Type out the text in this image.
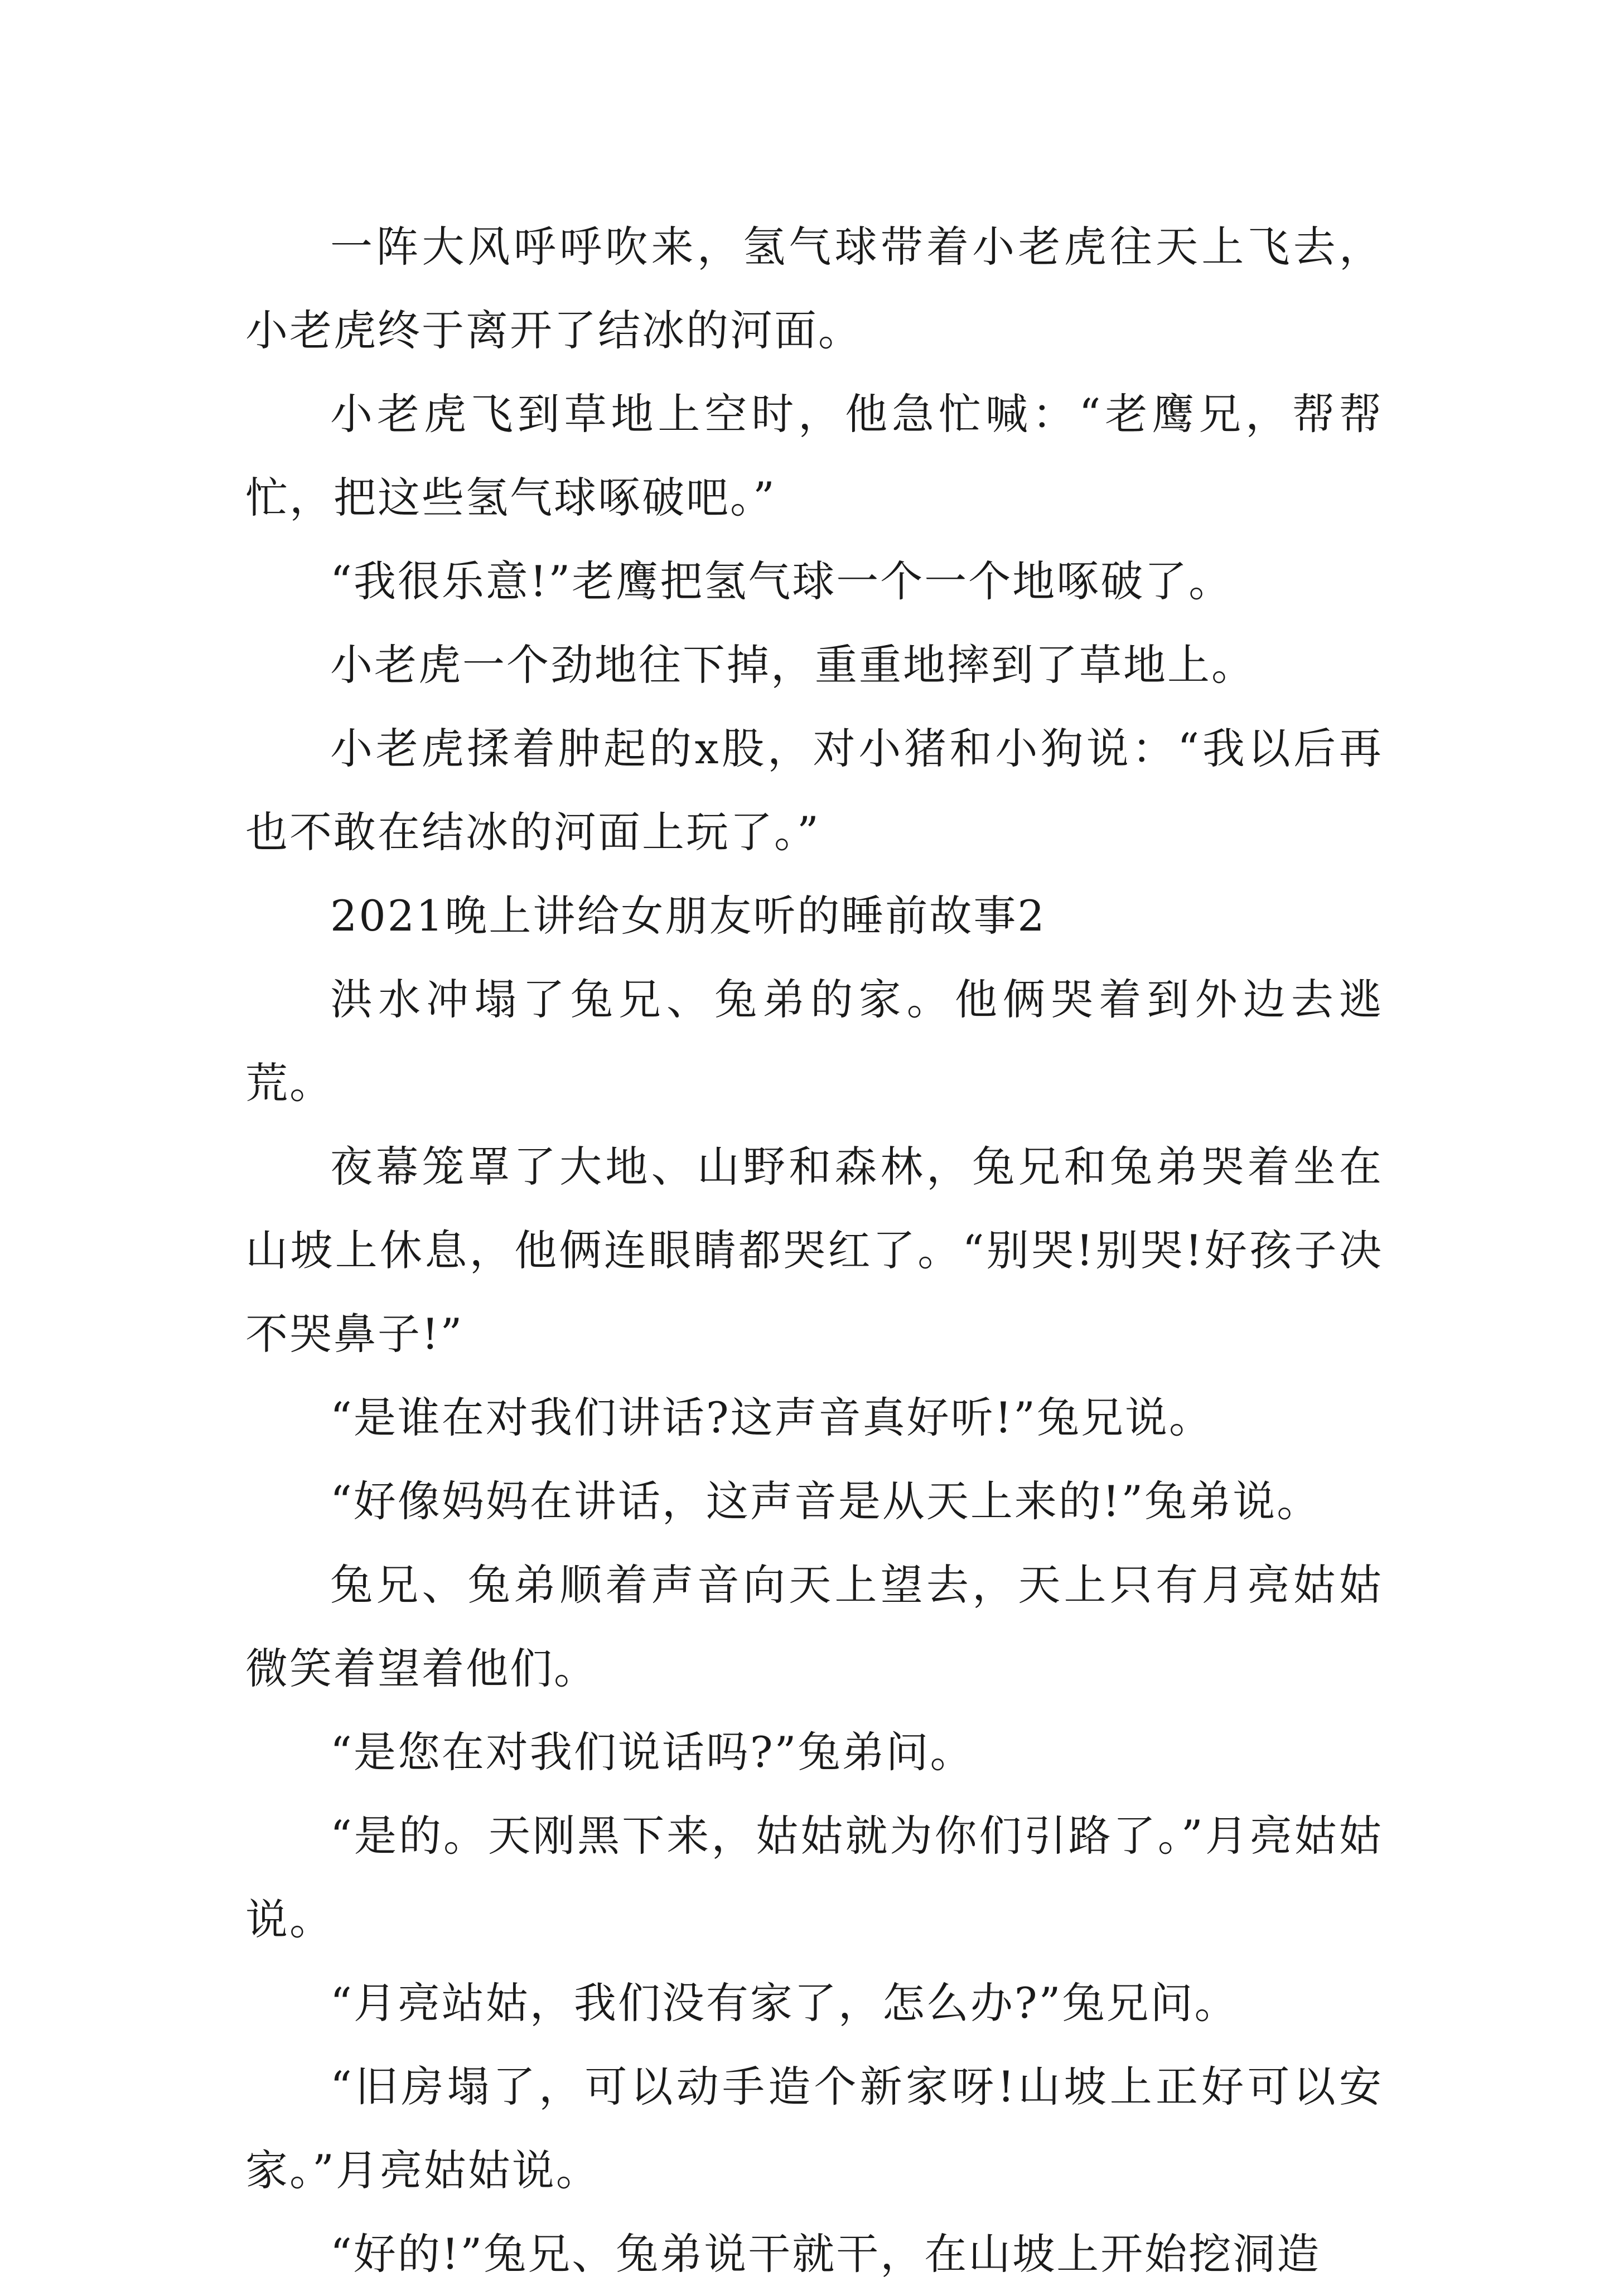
一阵大风呼呼吹来，氢气球带着小老虎往天上飞去，小老虎终于离开了结冰的河面。

小老虎飞到草地上空时，他急忙喊：“老鹰兄，帮帮忙，把这些氢气球啄破吧。”

“我很乐意!”老鹰把氢气球一个一个地啄破了。

小老虎一个劲地往下掉，重重地摔到了草地上。

小老虎揉着肿起的x股，对小猪和小狗说：“我以后再也不敢在结冰的河面上玩了。”

2021晚上讲给女朋友听的睡前故事2

洪水冲塌了兔兄、兔弟的家。他俩哭着到外边去逃荒。

夜幕笼罩了大地、山野和森林，兔兄和兔弟哭着坐在山坡上休息，他俩连眼睛都哭红了。“别哭!别哭!好孩子决不哭鼻子!”

“是谁在对我们讲话?这声音真好听!”兔兄说。

“好像妈妈在讲话，这声音是从天上来的!”兔弟说。

兔兄、兔弟顺着声音向天上望去，天上只有月亮姑姑微笑着望着他们。

“是您在对我们说话吗?”兔弟问。

“是的。天刚黑下来，姑姑就为你们引路了。”月亮姑姑说。

“月亮站姑，我们没有家了，怎么办?”兔兄问。

“旧房塌了，可以动手造个新家呀!山坡上正好可以安家。”月亮姑姑说。

“好的!”兔兄、兔弟说干就干，在山坡上开始挖洞造
